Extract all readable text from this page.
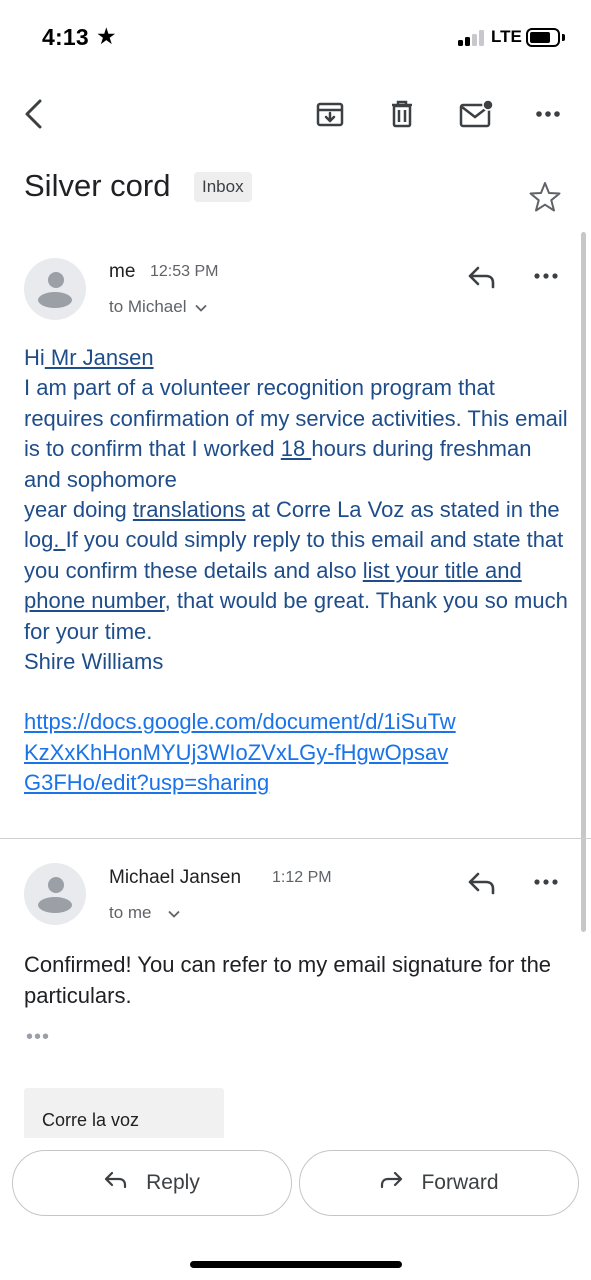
4:13 ★	LTE
Silver cord	Inbox
me 12:53 PM
to Michael
Hi Mr Jansen
I am part of a volunteer recognition program that requires confirmation of my service activities. This email is to confirm that I worked 18 hours during freshman and sophomore
year doing translations at Corre La Voz as stated in the log. If you could simply reply to this email and state that you confirm these details and also list your title and phone number, that would be great. Thank you so much for your time.
Shire Williams
https://docs.google.com/document/d/1iSuTwKzXxKhHonMYUj3WIoZVxLGy-fHgwOpsavG3FHo/edit?usp=sharing
Michael Jansen 1:12 PM
to me
Confirmed! You can refer to my email signature for the particulars.
•••
Corre la voz
Reply	Forward
